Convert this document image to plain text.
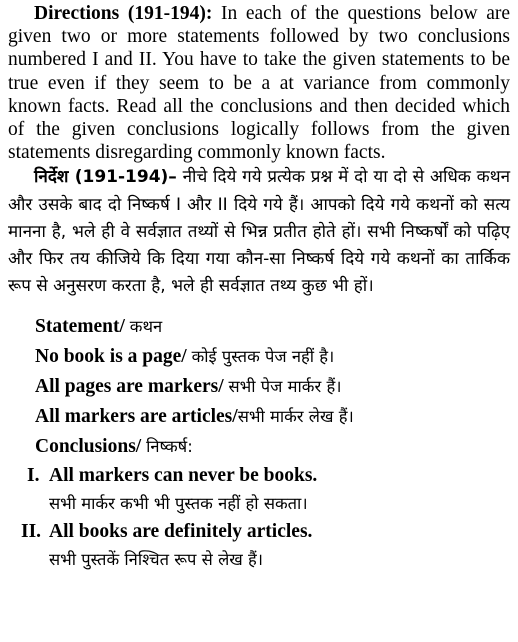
Directions (191-194): In each of the questions below are given two or more statements followed by two conclusions numbered I and II. You have to take the given statements to be true even if they seem to be a at variance from commonly known facts. Read all the conclusions and then decided which of the given conclusions logically follows from the given statements disregarding commonly known facts.

निर्देश (191-194)– नीचे दिये गये प्रत्येक प्रश्न में दो या दो से अधिक कथन और उसके बाद दो निष्कर्ष I और II दिये गये हैं। आपको दिये गये कथनों को सत्य मानना है, भले ही वे सर्वज्ञात तथ्यों से भिन्न प्रतीत होते हों। सभी निष्कर्षों को पढ़िए और फिर तय कीजिये कि दिया गया कौन-सा निष्कर्ष दिये गये कथनों का तार्किक रूप से अनुसरण करता है, भले ही सर्वज्ञात तथ्य कुछ भी हों।

Statement/ कथन
No book is a page/ कोई पुस्तक पेज नहीं है।
All pages are markers/ सभी पेज मार्कर हैं।
All markers are articles/सभी मार्कर लेख हैं।
Conclusions/ निष्कर्ष:
I. All markers can never be books.
सभी मार्कर कभी भी पुस्तक नहीं हो सकता।
II. All books are definitely articles.
सभी पुस्तकें निश्चित रूप से लेख हैं।
